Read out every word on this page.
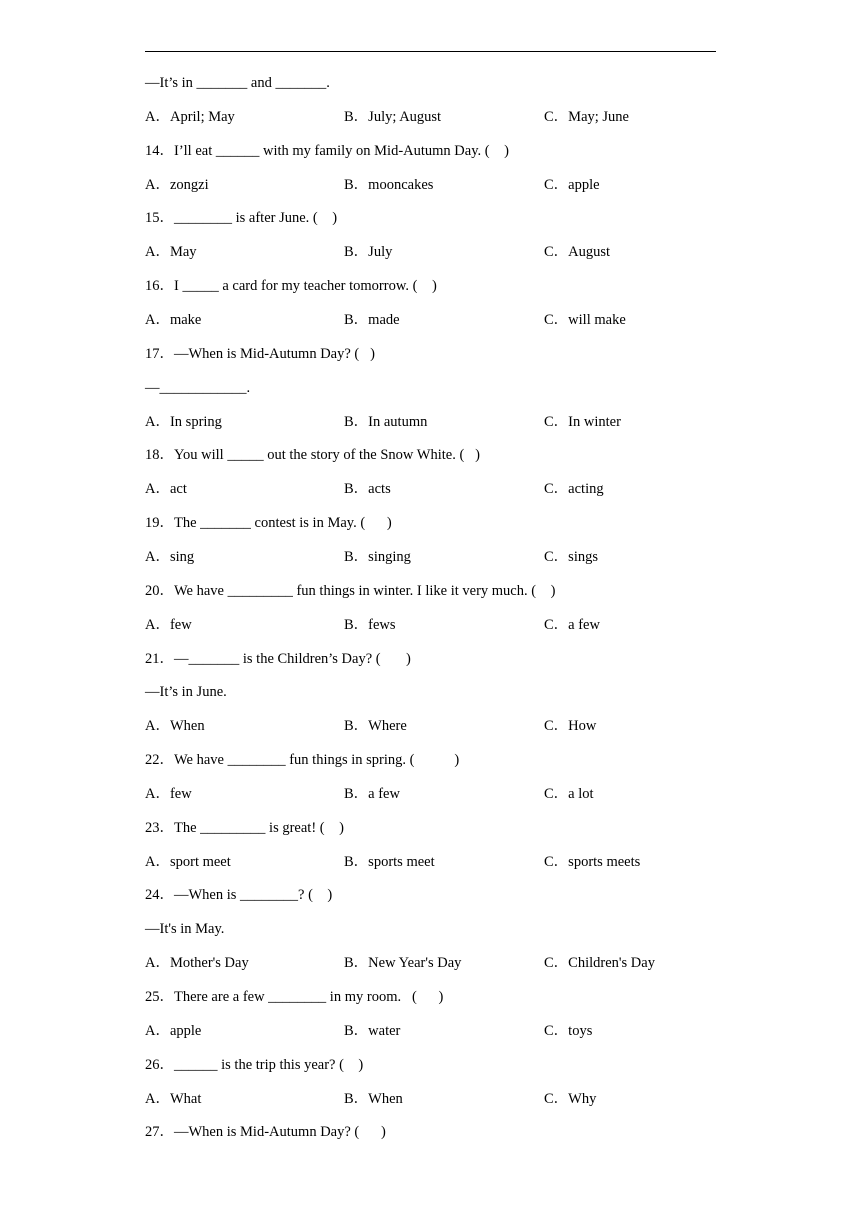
—It’s in _______ and _______.
A．April; May	B．July; August	C．May; June
14．I’ll eat ______ with my family on Mid-Autumn Day. (    )
A．zongzi	B．mooncakes	C．apple
15．________ is after June. (    )
A．May	B．July	C．August
16．I _____ a card for my teacher tomorrow. (    )
A．make	B．made	C．will make
17．—When is Mid-Autumn Day? (   )
—____________.
A．In spring	B．In autumn	C．In winter
18．You will _____ out the story of the Snow White. (   )
A．act	B．acts	C．acting
19．The _______ contest is in May. (      )
A．sing	B．singing	C．sings
20．We have _________ fun things in winter. I like it very much. (    )
A．few	B．fews	C．a few
21．—_______ is the Children’s Day? (       )
—It’s in June.
A．When	B．Where	C．How
22．We have ________ fun things in spring. (           )
A．few	B．a few	C．a lot
23．The _________ is great! (    )
A．sport meet	B．sports meet	C．sports meets
24．—When is ________? (    )
—It's in May.
A．Mother's Day	B．New Year's Day	C．Children's Day
25．There are a few ________ in my room.   (      )
A．apple	B．water	C．toys
26．______ is the trip this year? (    )
A．What	B．When	C．Why
27．—When is Mid-Autumn Day? (      )
